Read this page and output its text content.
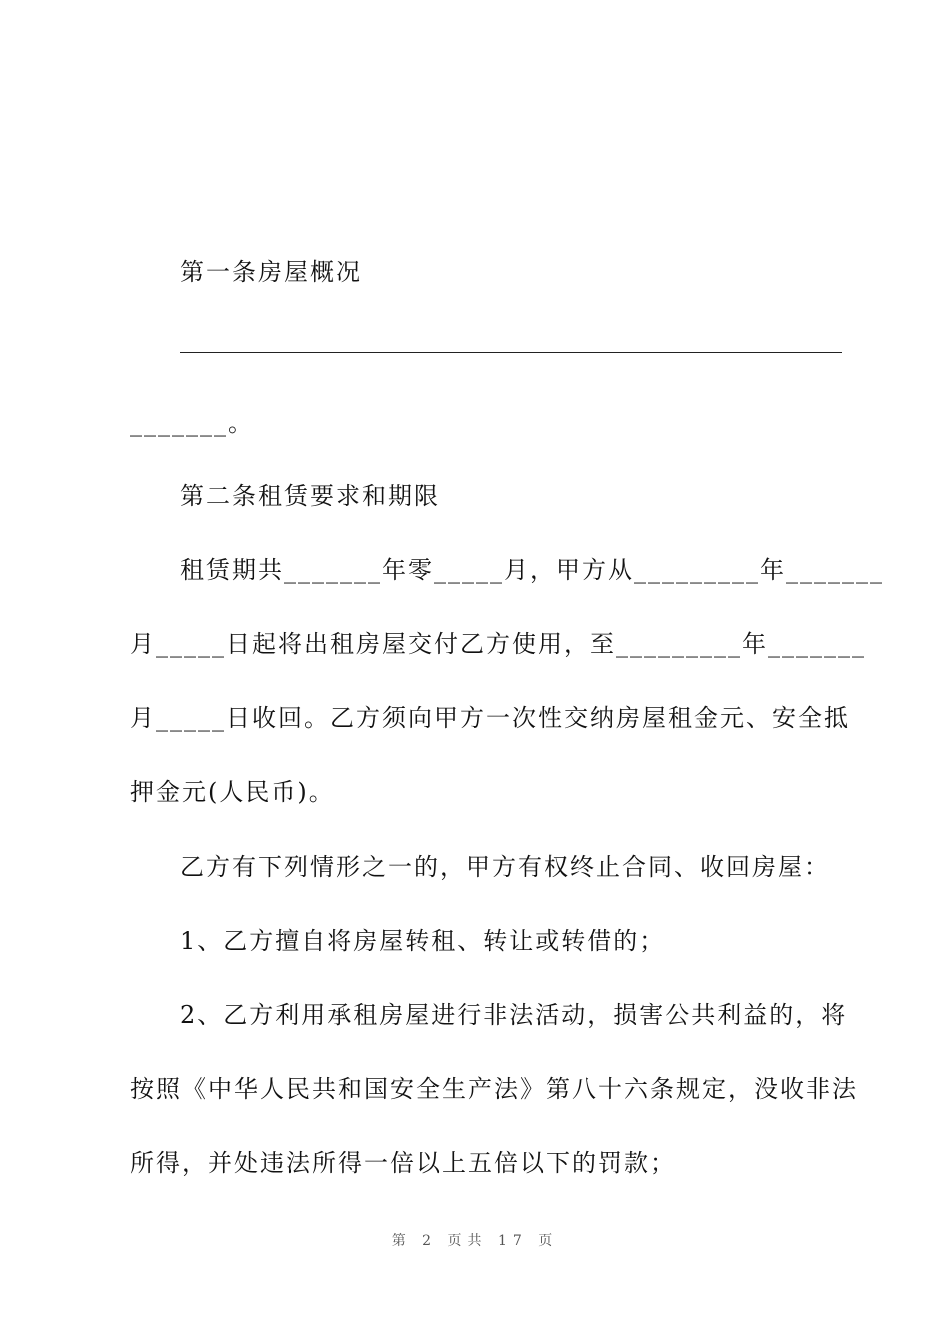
第一条房屋概况
_______。
第二条租赁要求和期限
租赁期共_______年零_____月，甲方从_________年_______
月_____日起将出租房屋交付乙方使用，至_________年_______
月_____日收回。乙方须向甲方一次性交纳房屋租金元、安全抵
押金元(人民币)。
乙方有下列情形之一的，甲方有权终止合同、收回房屋：
1、乙方擅自将房屋转租、转让或转借的；
2、乙方利用承租房屋进行非法活动，损害公共利益的，将
按照《中华人民共和国安全生产法》第八十六条规定，没收非法
所得，并处违法所得一倍以上五倍以下的罚款；
第 2 页共 17 页
